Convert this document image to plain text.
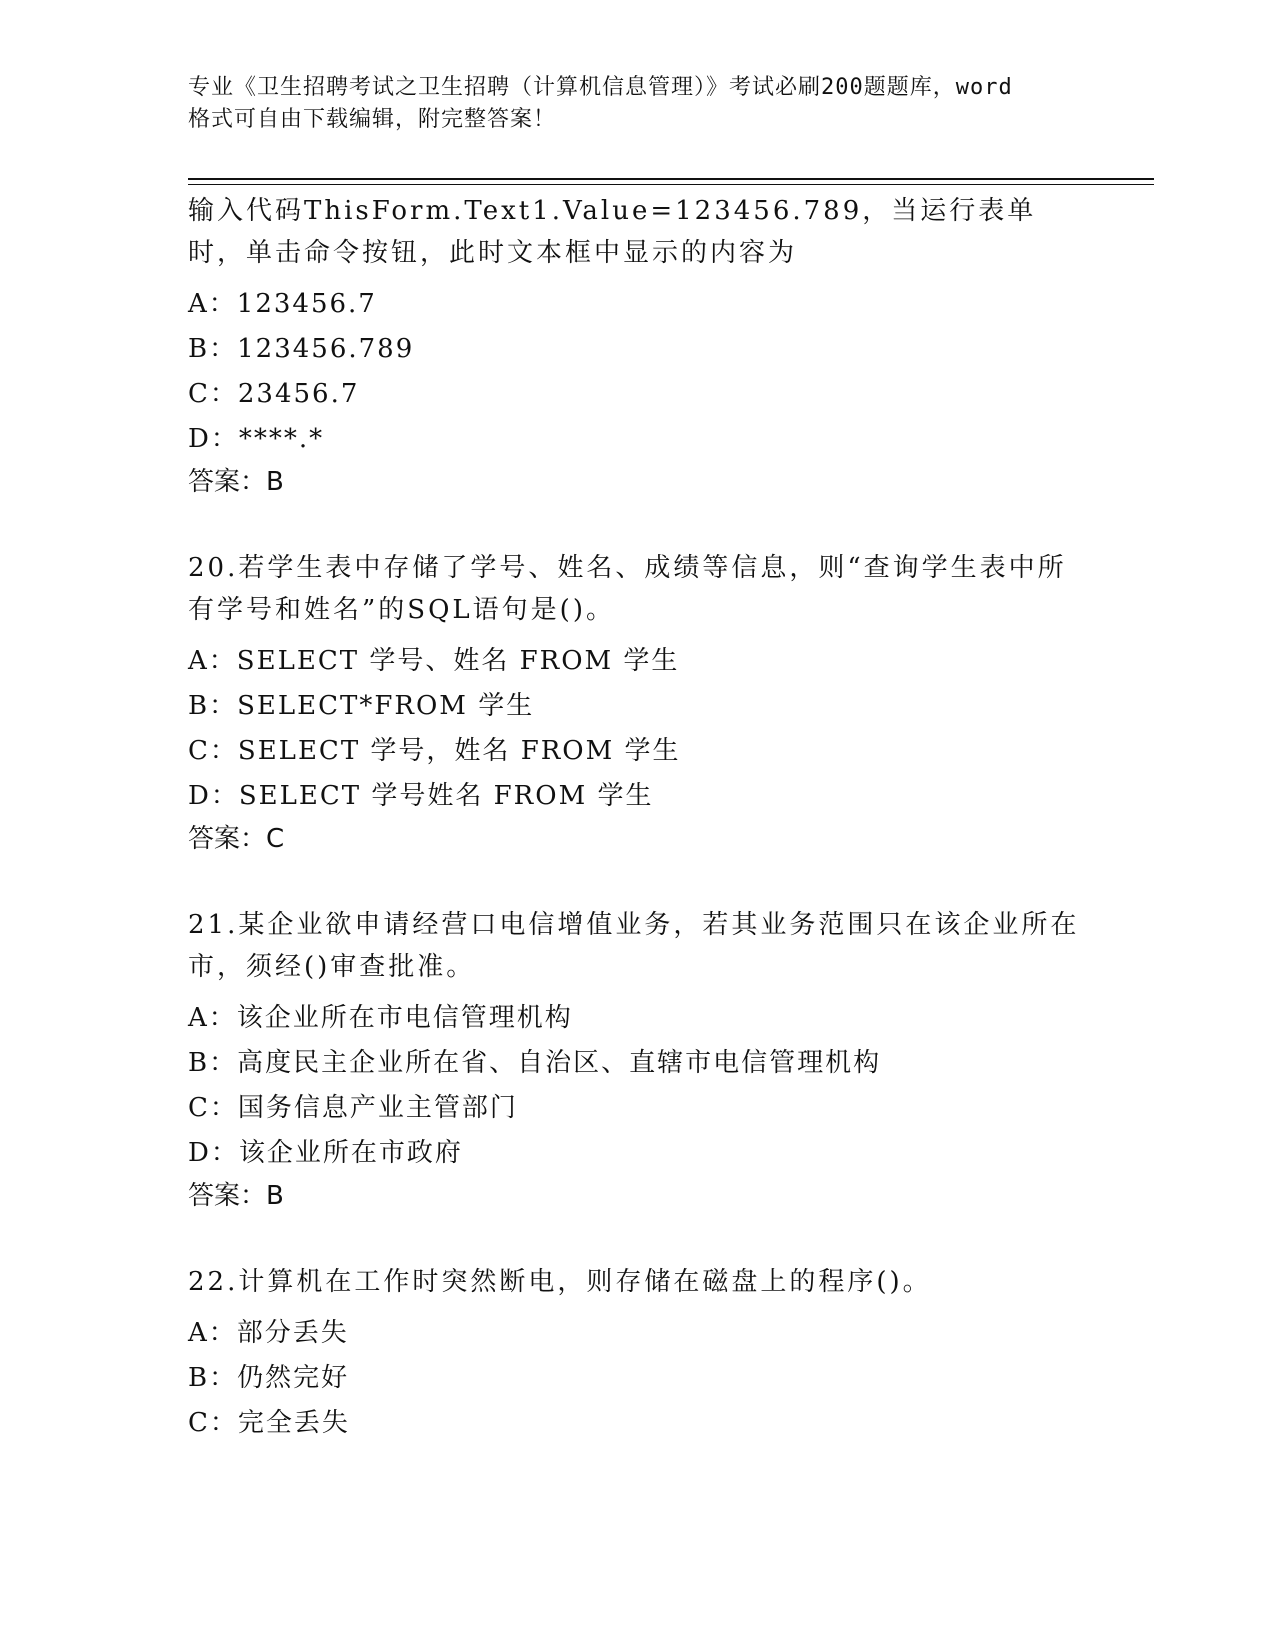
专业《卫生招聘考试之卫生招聘（计算机信息管理）》考试必刷200题题库，word
格式可自由下载编辑，附完整答案！

输入代码ThisForm.Text1.Value=123456.789，当运行表单时，单击命令按钮，此时文本框中显示的内容为

A：123456.7
B：123456.789
C：23456.7
D：****.*
答案：B

20.若学生表中存储了学号、姓名、成绩等信息，则“查询学生表中所有学号和姓名”的SQL语句是()。

A：SELECT 学号、姓名 FROM 学生
B：SELECT*FROM 学生
C：SELECT 学号，姓名 FROM 学生
D：SELECT 学号姓名 FROM 学生
答案：C

21.某企业欲申请经营口电信增值业务，若其业务范围只在该企业所在市，须经()审查批准。

A：该企业所在市电信管理机构
B：高度民主企业所在省、自治区、直辖市电信管理机构
C：国务信息产业主管部门
D：该企业所在市政府
答案：B

22.计算机在工作时突然断电，则存储在磁盘上的程序()。

A：部分丢失
B：仍然完好
C：完全丢失
